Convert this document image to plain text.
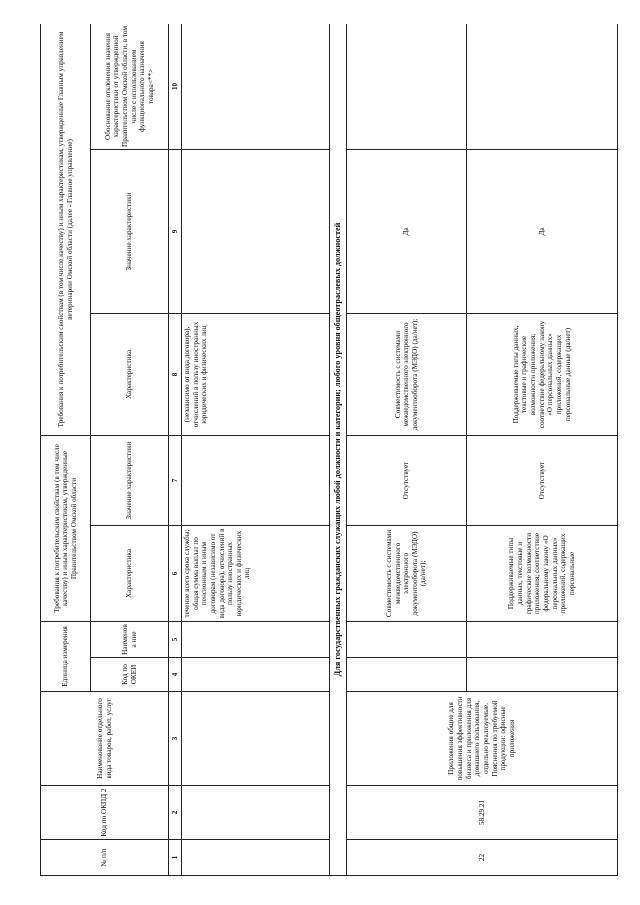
№ п/п	Код по ОКПД 2	Наименование отдельного вида товаров, работ, услуг	Единица измерения		Требования к потребительским свойствам (в том числе качеству) и иным характеристикам, утвержденные Правительством Омской области		Требования к потребительским свойствам (в том числе качеству) и иным характеристикам, утвержденные Главным управлением ветеринарии Омской области (далее - Главное управление)		
			Код по ОКЕИ	Наименова ние	Характеристика	Значение характеристики	Характеристика	Значение характеристики	Обоснование отклонения значения характеристики от утвержденной Правительством Омской области, в том числе с использованием функционального назначения товара<**>
1	2	3	4	5	6	7	8	9	10

					течение всего срока службы; общая сумма выплат по пенсионным и иным договорам (независимо от вида договора), отчислений в пользу иностранных юридических и физических лиц		(независимо от вида договора), отчислений в пользу иностранных юридических и физических лиц		

Для государственных гражданских служащих любой должности и категории; любого уровня общеотраслевых должностей									
22	58.29.21	Приложения общие для повышения эффективности бизнеса и приложения для домашнего пользования, отдельно реализуемые. Пояснения по требуемой продукции: офисные приложения			Совместимость с системами межведомственного электронного документооборота (МЭДО) (да/нет);	Отсутствует	Совместимость с системами межведомственного электронного документооборота (МЭДО) (да/нет);	Да	

					Поддерживаемые типы данных, текстовые и графические возможности приложения; соответствие федеральному закону «О персональных данных» приложений, содержащих персональные	Отсутствует	Поддерживаемые типы данных, текстовые и графические возможности приложения; соответствие федеральному закону «О персональных данных» приложений, содержащих персональные данные (да/нет)	Да	
